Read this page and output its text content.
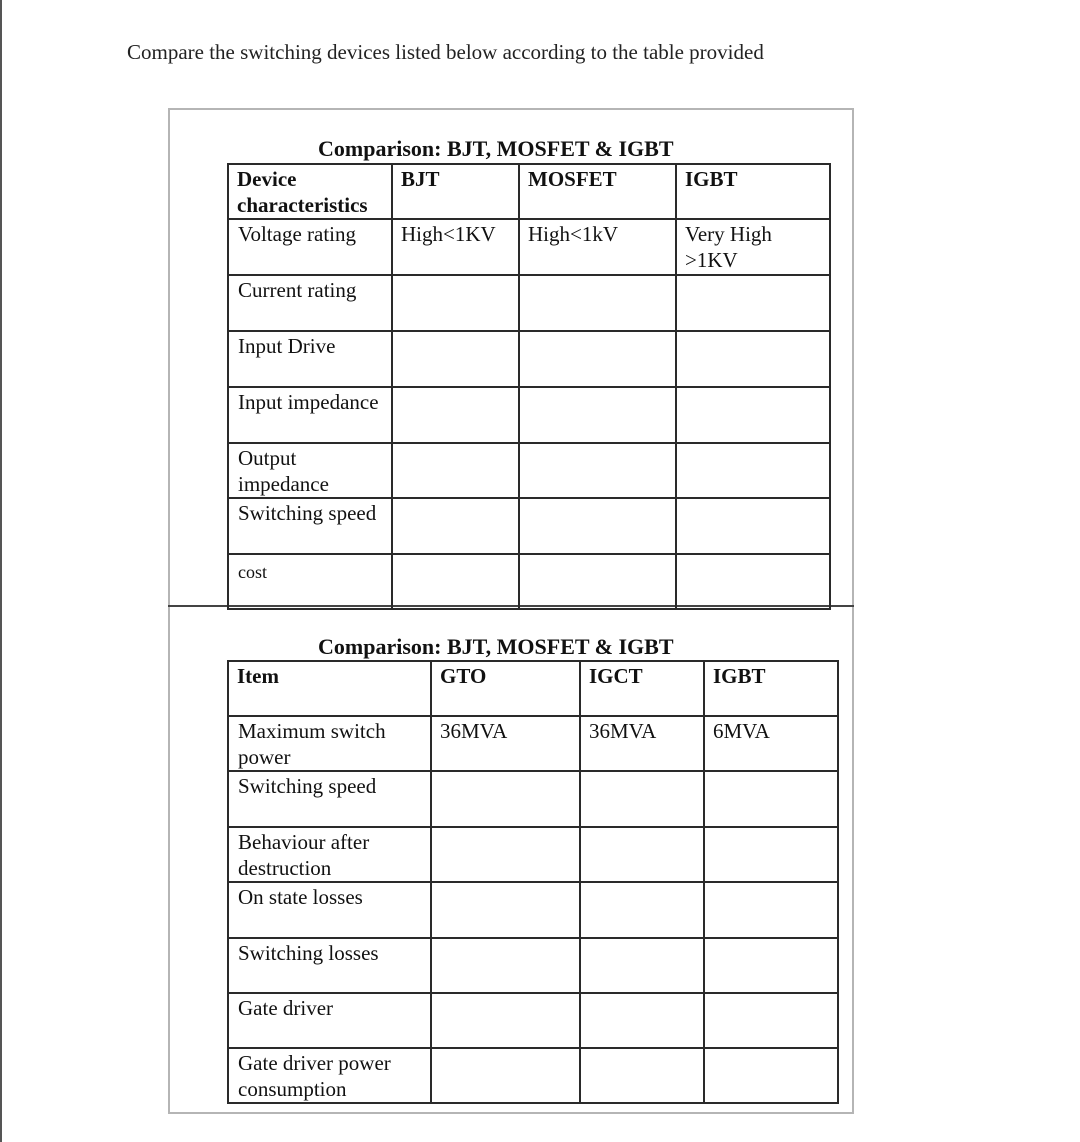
Compare the switching devices listed below according to the table provided
Comparison: BJT, MOSFET & IGBT
Device characteristics	BJT	MOSFET	IGBT
Voltage rating	High<1KV	High<1kV	Very High >1KV
Current rating			
Input Drive			
Input impedance			
Output impedance			
Switching speed			
cost			
Comparison: BJT, MOSFET & IGBT
Item	GTO	IGCT	IGBT
Maximum switch power	36MVA	36MVA	6MVA
Switching speed			
Behaviour after destruction			
On state losses			
Switching losses			
Gate driver			
Gate driver power consumption			
